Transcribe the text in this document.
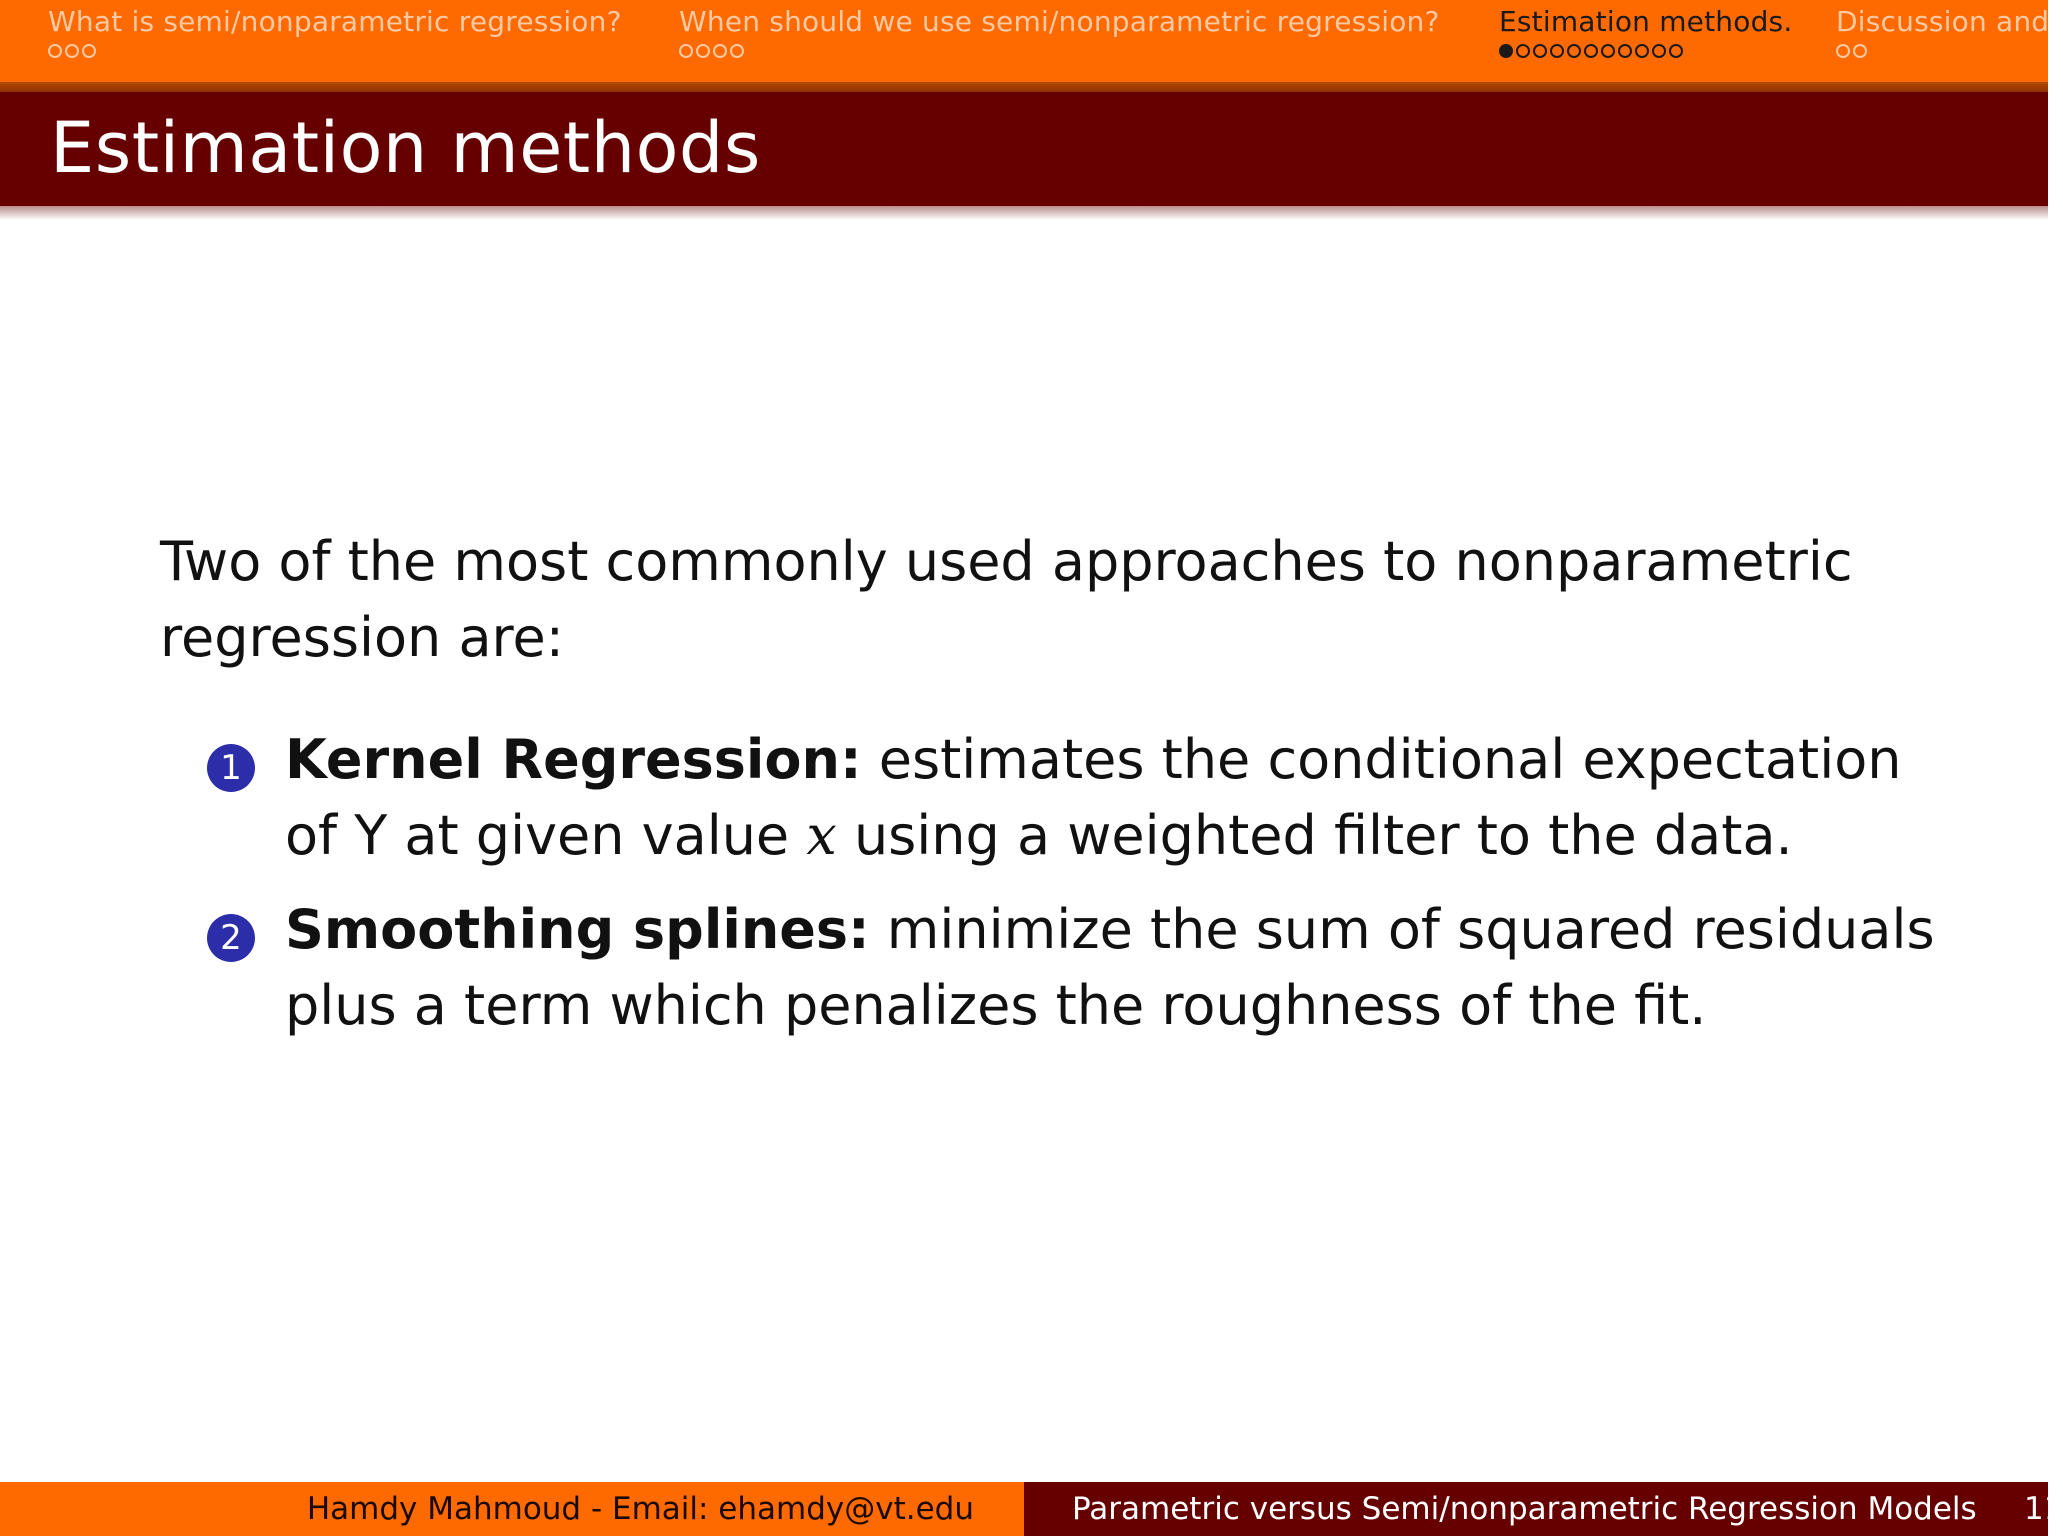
What is semi/nonparametric regression? When should we use semi/nonparametric regression? Estimation methods. Discussion and
Estimation methods
Two of the most commonly used approaches to nonparametric regression are:
1 Kernel Regression: estimates the conditional expectation of Y at given value x using a weighted filter to the data.
2 Smoothing splines: minimize the sum of squared residuals plus a term which penalizes the roughness of the fit.
Hamdy Mahmoud - Email: ehamdy@vt.edu	Parametric versus Semi/nonparametric Regression Models 11
